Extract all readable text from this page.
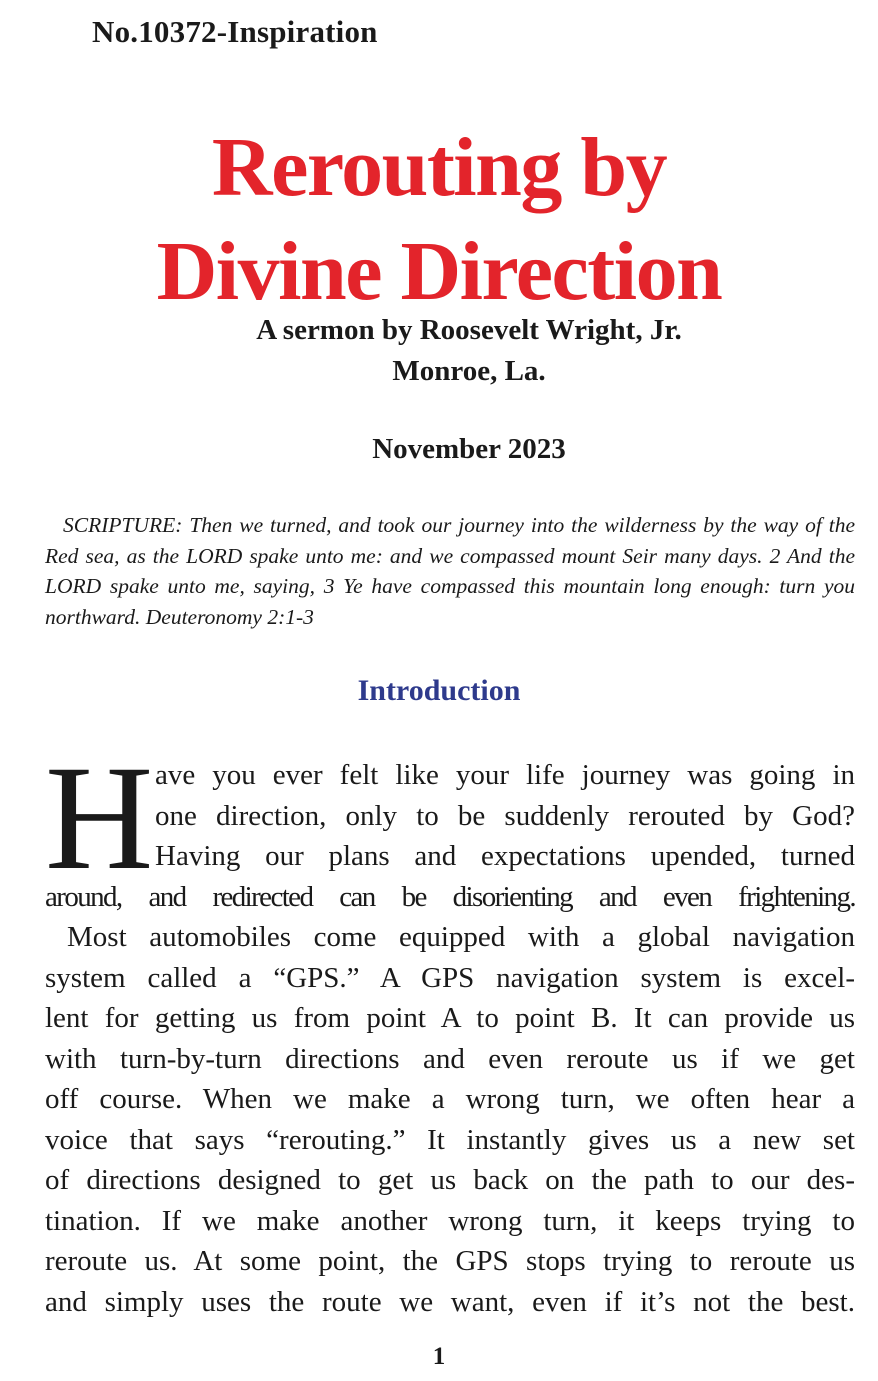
No.10372-Inspiration
Rerouting by
Divine Direction
A sermon by Roosevelt Wright, Jr.
Monroe, La.
November 2023
SCRIPTURE: Then we turned, and took our journey into the wilderness by the way of the Red sea, as the LORD spake unto me: and we compassed mount Seir many days. 2 And the LORD spake unto me, saying, 3 Ye have compassed this mountain long enough: turn you northward. Deuteronomy 2:1-3
Introduction
H ave you ever felt like your life journey was going in
one direction, only to be suddenly rerouted by God?
Having our plans and expectations upended, turned
around, and redirected can be disorienting and even frightening.
Most automobiles come equipped with a global navigation
system called a “GPS.” A GPS navigation system is excel-
lent for getting us from point A to point B. It can provide us
with turn-by-turn directions and even reroute us if we get
off course. When we make a wrong turn, we often hear a
voice that says “rerouting.” It instantly gives us a new set
of directions designed to get us back on the path to our des-
tination. If we make another wrong turn, it keeps trying to
reroute us. At some point, the GPS stops trying to reroute us
and simply uses the route we want, even if it’s not the best.
1
